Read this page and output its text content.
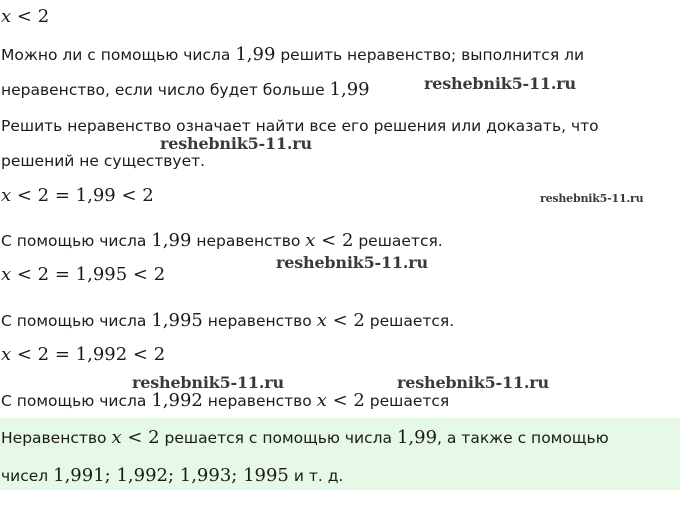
x < 2
Можно ли с помощью числа 1,99 решить неравенство; выполнится ли
неравенство, если число будет больше 1,99
Решить неравенство означает найти все его решения или доказать, что
решений не существует.
x < 2 = 1,99 < 2
С помощью числа 1,99 неравенство x < 2 решается.
x < 2 = 1,995 < 2
С помощью числа 1,995 неравенство x < 2 решается.
x < 2 = 1,992 < 2
С помощью числа 1,992 неравенство x < 2 решается
Неравенство x < 2 решается с помощью числа 1,99, а также с помощью
чисел 1,991; 1,992; 1,993; 1995 и т. д.
reshebnik5-11.ru
reshebnik5-11.ru
reshebnik5-11.ru
reshebnik5-11.ru
reshebnik5-11.ru	reshebnik5-11.ru
